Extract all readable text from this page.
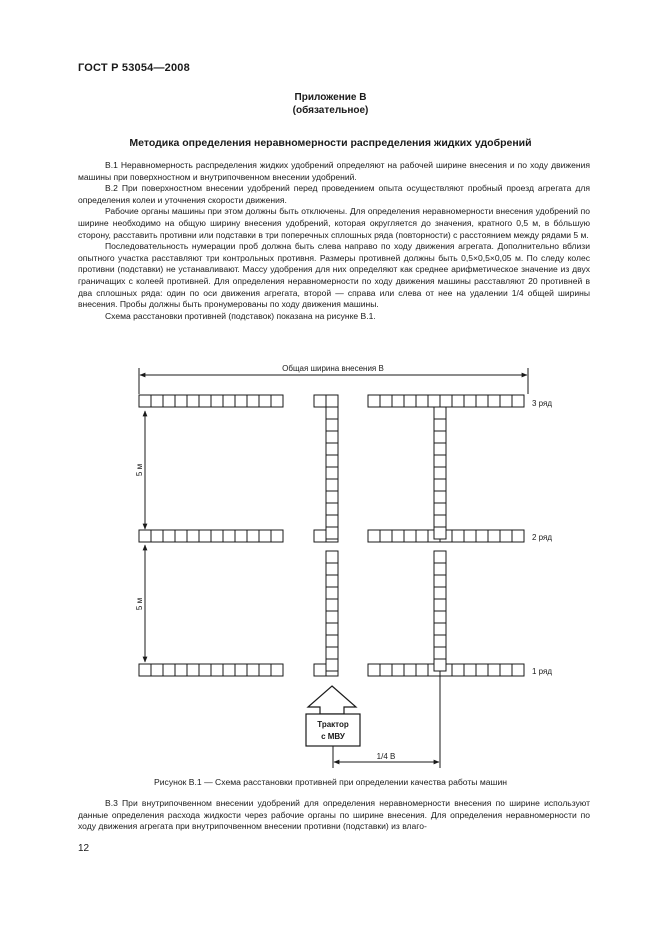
ГОСТ Р 53054—2008
Приложение В
(обязательное)
Методика определения неравномерности распределения жидких удобрений

В.1 Неравномерность распределения жидких удобрений определяют на рабочей ширине внесения и по ходу движения машины при поверхностном и внутрипочвенном внесении удобрений.

В.2 При поверхностном внесении удобрений перед проведением опыта осуществляют пробный проезд агрегата для определения колеи и уточнения скорости движения.

Рабочие органы машины при этом должны быть отключены. Для определения неравномерности внесения удобрений по ширине необходимо на общую ширину внесения удобрений, которая округляется до значения, кратного 0,5 м, в бо́льшую сторону, расставить противни или подставки в три поперечных сплошных ряда (повторности) с расстоянием между рядами 5 м.

Последовательность нумерации проб должна быть слева направо по ходу движения агрегата. Дополнительно вблизи опытного участка расставляют три контрольных противня. Размеры противней должны быть 0,5×0,5×0,05 м. По следу колес противни (подставки) не устанавливают. Массу удобрения для них определяют как среднее арифметическое значение из двух граничащих с колеей противней. Для определения неравномерности по ходу движения машины расставляют 20 противней в два сплошных ряда: один по оси движения агрегата, второй — справа или слева от нее на удалении 1/4 общей ширины внесения. Пробы должны быть пронумерованы по ходу движения машины.

Схема расстановки противней (подставок) показана на рисунке В.1.

Общая ширина внесения B
5 м
5 м
3 ряд
2 ряд
1 ряд
Трактор
с МВУ
1/4 B
Рисунок В.1 — Схема расстановки противней при определении качества работы машин

В.3 При внутрипочвенном внесении удобрений для определения неравномерности внесения по ширине используют данные определения расхода жидкости через рабочие органы по ширине внесения. Для определения неравномерности по ходу движения агрегата при внутрипочвенном внесении противни (подставки) из влаго-

12
